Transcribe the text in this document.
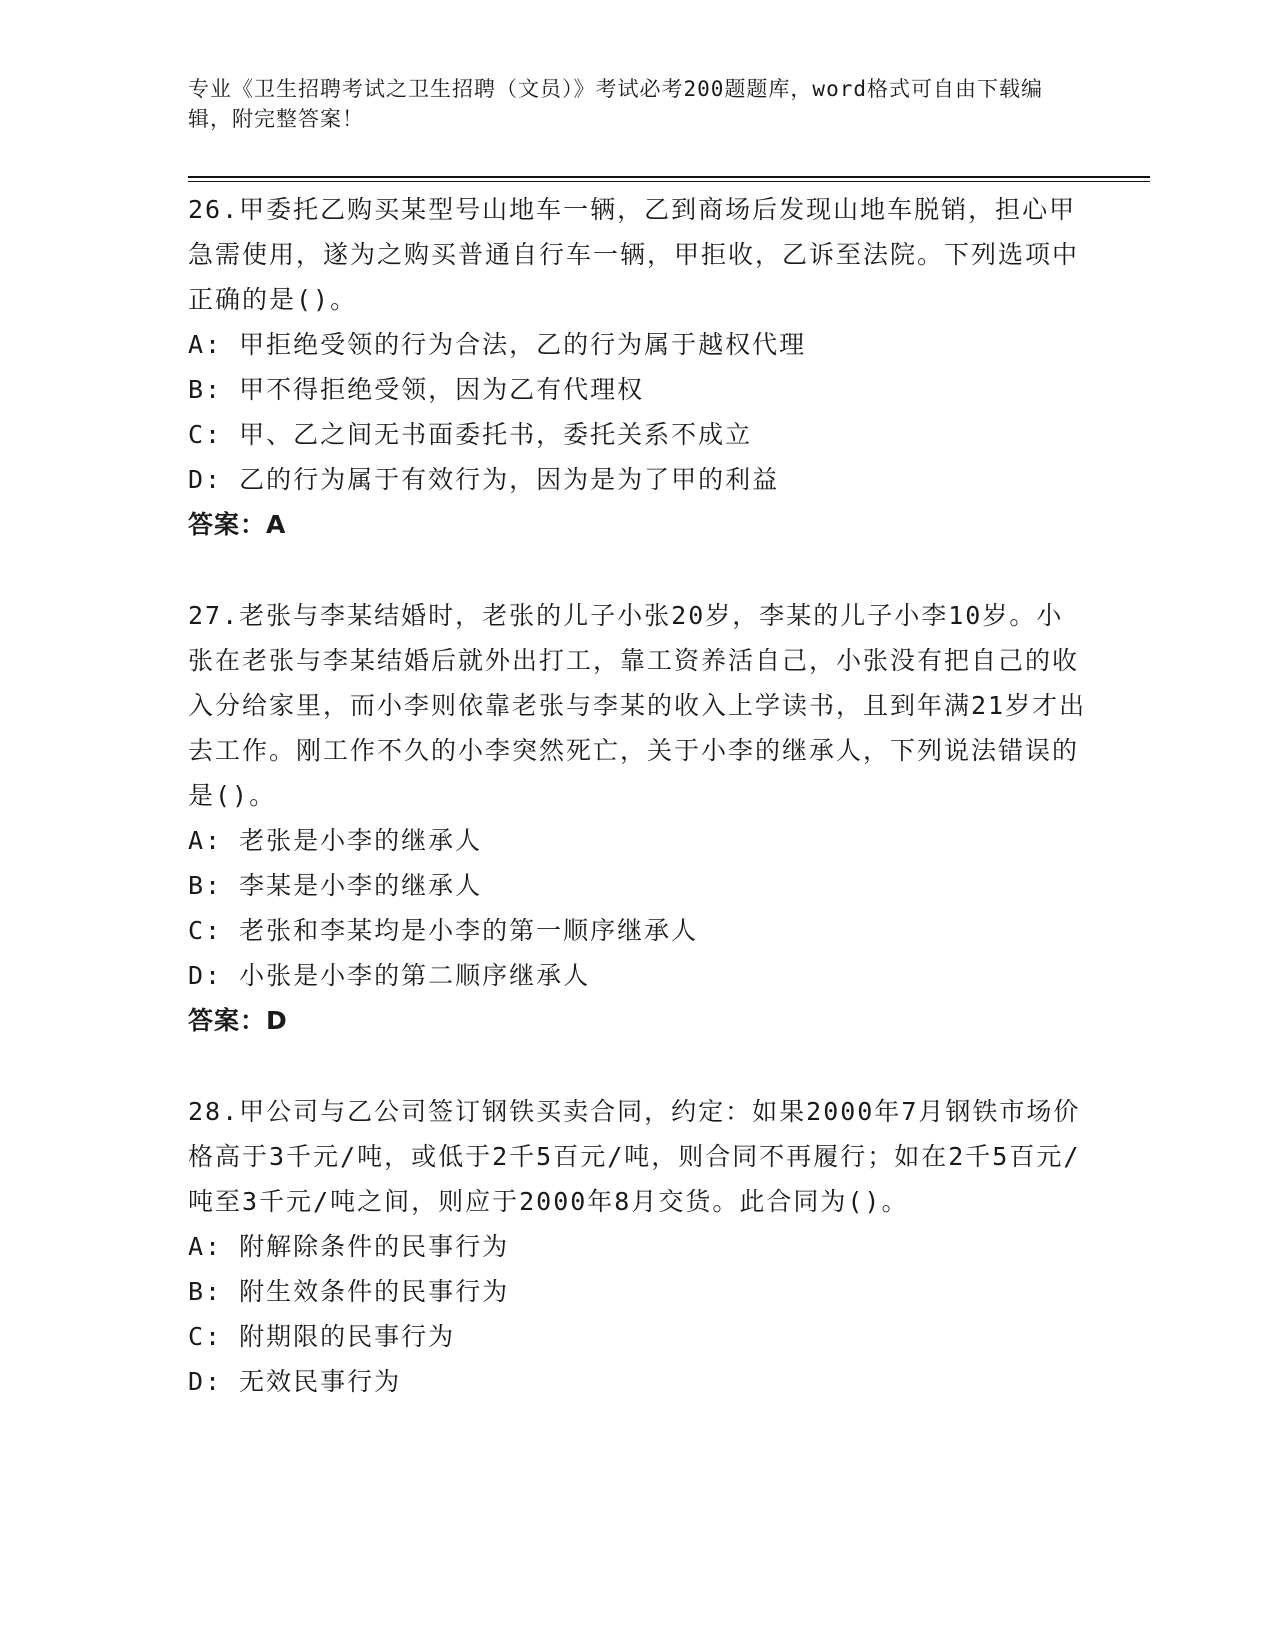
专业《卫生招聘考试之卫生招聘（文员）》考试必考200题题库，word格式可自由下载编辑，附完整答案！
26.甲委托乙购买某型号山地车一辆，乙到商场后发现山地车脱销，担心甲急需使用，遂为之购买普通自行车一辆，甲拒收，乙诉至法院。下列选项中正确的是()。
A: 甲拒绝受领的行为合法，乙的行为属于越权代理
B: 甲不得拒绝受领，因为乙有代理权
C: 甲、乙之间无书面委托书，委托关系不成立
D: 乙的行为属于有效行为，因为是为了甲的利益
答案：A
27.老张与李某结婚时，老张的儿子小张20岁，李某的儿子小李10岁。小张在老张与李某结婚后就外出打工，靠工资养活自己，小张没有把自己的收入分给家里，而小李则依靠老张与李某的收入上学读书，且到年满21岁才出去工作。刚工作不久的小李突然死亡，关于小李的继承人，下列说法错误的是()。
A: 老张是小李的继承人
B: 李某是小李的继承人
C: 老张和李某均是小李的第一顺序继承人
D: 小张是小李的第二顺序继承人
答案：D
28.甲公司与乙公司签订钢铁买卖合同，约定：如果2000年7月钢铁市场价格高于3千元/吨，或低于2千5百元/吨，则合同不再履行；如在2千5百元/吨至3千元/吨之间，则应于2000年8月交货。此合同为()。
A: 附解除条件的民事行为
B: 附生效条件的民事行为
C: 附期限的民事行为
D: 无效民事行为
